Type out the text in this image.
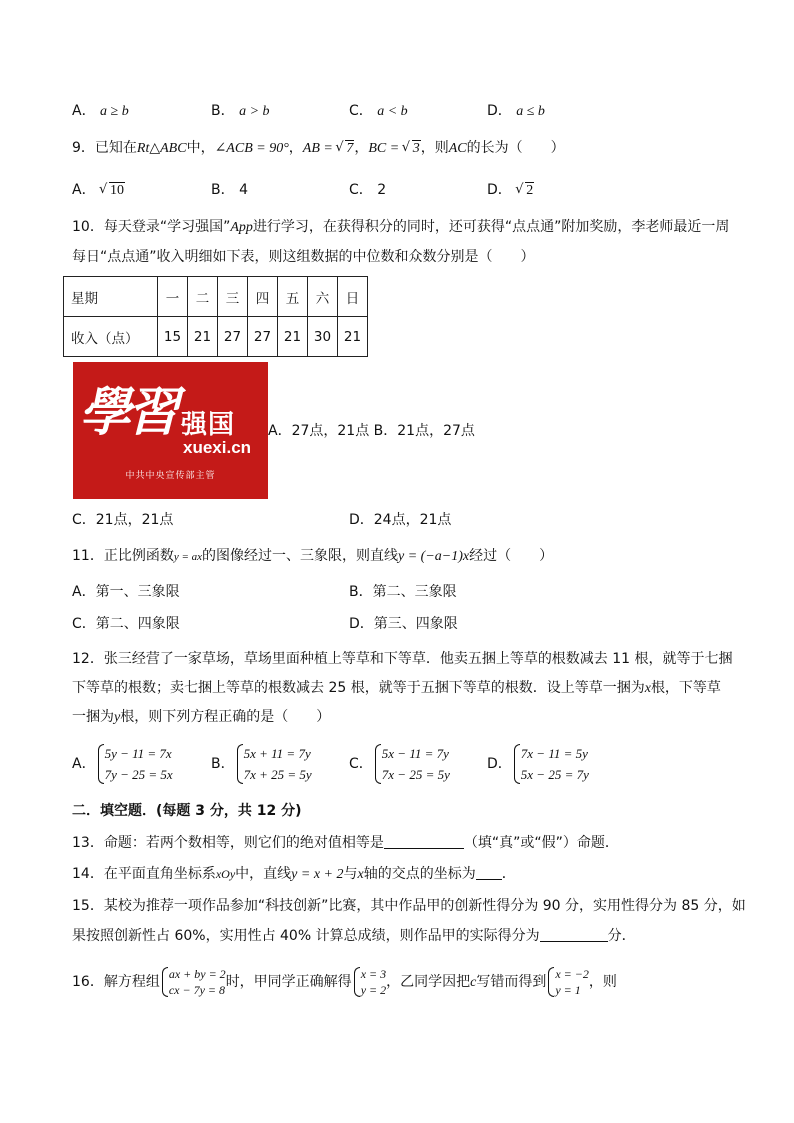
A． a ≥ b	B． a > b	C． a < b	D． a ≤ b
9．已知在Rt△ABC中，∠ACB = 90°，AB = √ 7，BC = √ 3，则AC的长为（　　）
A． √ 10	B． 4	C． 2	D． √ 2
10．每天登录“学习强国”App进行学习，在获得积分的同时，还可获得“点点通”附加奖励，李老师最近一周
每日“点点通”收入明细如下表，则这组数据的中位数和众数分别是（　　）
星期	一	二	三	四	五	六	日
收入（点）	15	21	27	27	21	30	21
學習 强国
xuexi.cn
中共中央宣传部主管
A．27点，21点 B．21点，27点
C．21点，21点	D．24点，21点
11．正比例函数y = ax的图像经过一、三象限，则直线y = (−a−1)x经过（　　）
A．第一、三象限	B．第二、三象限
C．第二、四象限	D．第三、四象限
12．张三经营了一家草场，草场里面种植上等草和下等草．他卖五捆上等草的根数减去 11 根，就等于七捆
下等草的根数；卖七捆上等草的根数减去 25 根，就等于五捆下等草的根数．设上等草一捆为x根，下等草
一捆为y根，则下列方程正确的是（　　）
A．
5y − 11 = 7x
7y − 25 = 5x
B．
5x + 11 = 7y
7x + 25 = 5y
C．
5x − 11 = 7y
7x − 25 = 5y
D．
7x − 11 = 5y
5x − 25 = 7y
二．填空题．(每题 3 分，共 12 分)
13．命题：若两个数相等，则它们的绝对值相等是	（填“真”或“假”）命题．
14．在平面直角坐标系xOy中，直线y = x + 2与x轴的交点的坐标为 ．
15．某校为推荐一项作品参加“科技创新”比赛，其中作品甲的创新性得分为 90 分，实用性得分为 85 分，如
果按照创新性占 60%，实用性占 40% 计算总成绩，则作品甲的实际得分为	分．
16．解方程组 ax + by = 2
cx − 7y = 8 时，甲同学正确解得 x = 3
y = 2 ，乙同学因把c写错而得到 x = −2
y = 1 ，则
